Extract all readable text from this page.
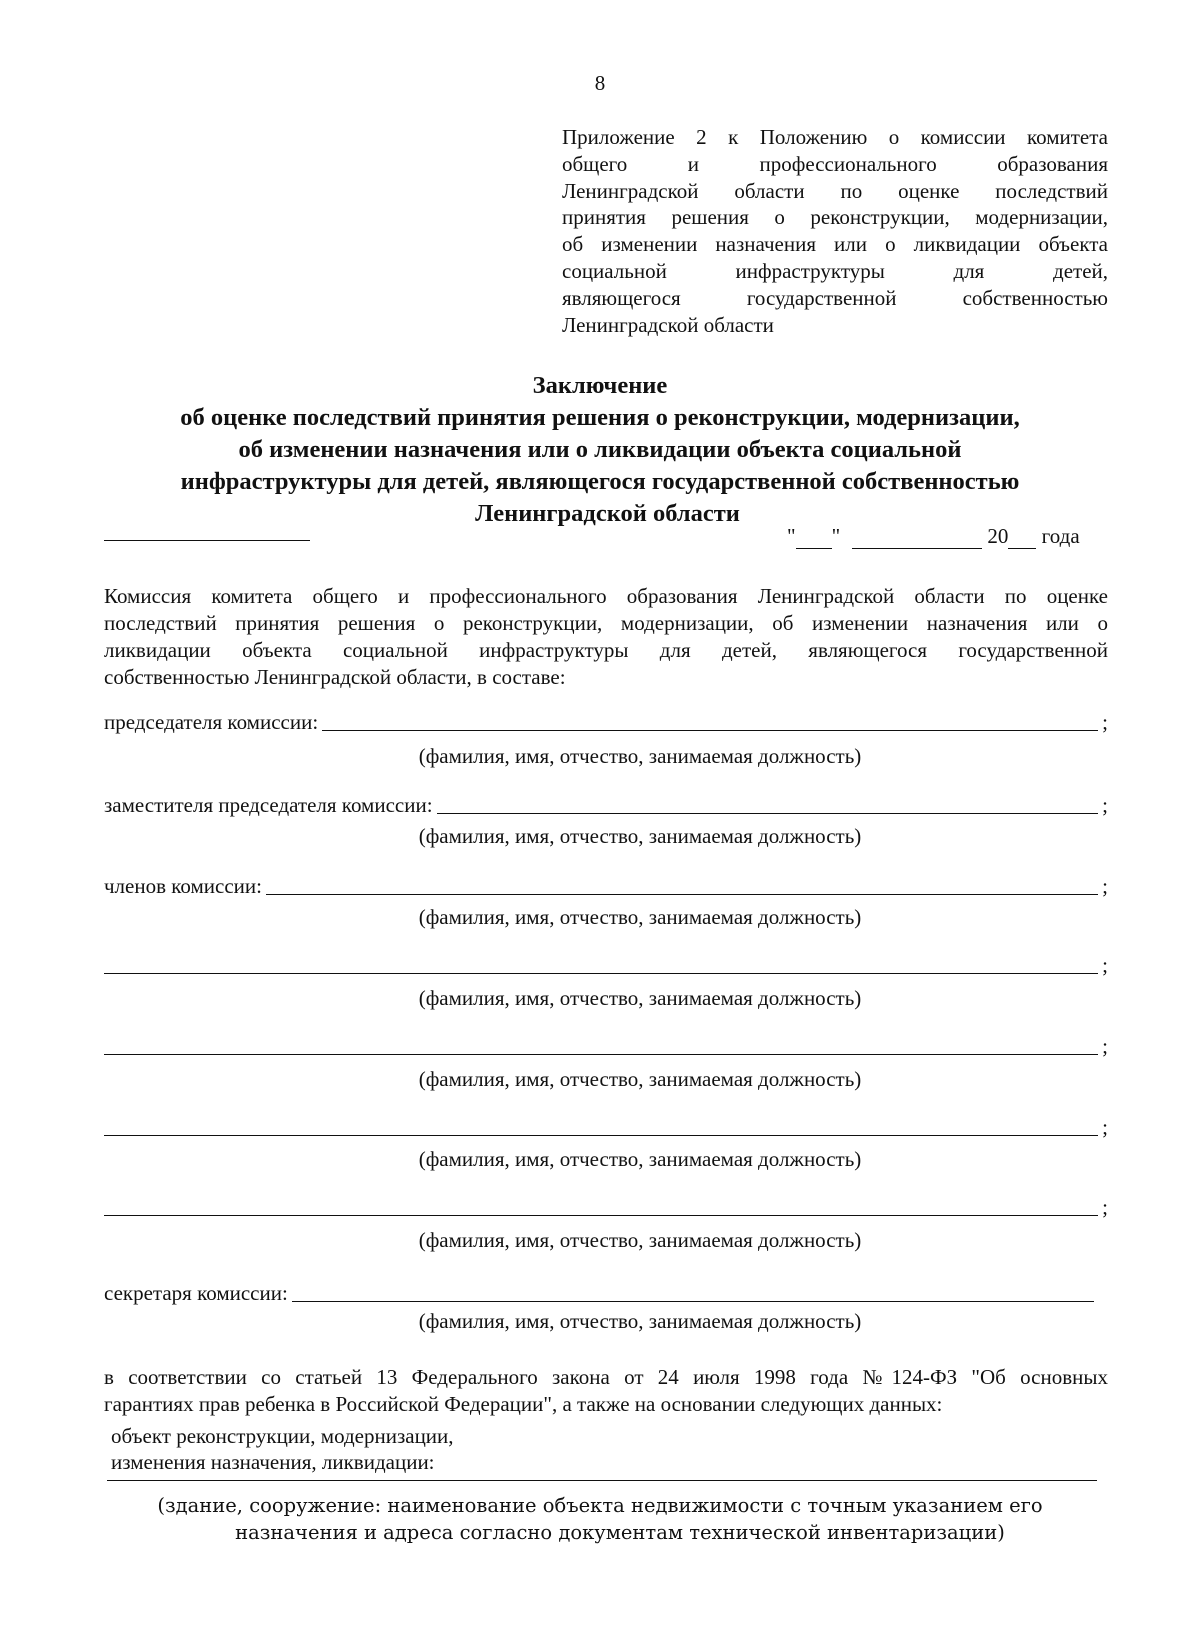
8
Приложение 2 к Положению о комиссии комитета
общего и профессионального образования
Ленинградской области по оценке последствий
принятия решения о реконструкции, модернизации,
об изменении назначения или о ликвидации объекта
социальной инфраструктуры для детей,
являющегося государственной собственностью
Ленинградской области
Заключение
об оценке последствий принятия решения о реконструкции, модернизации,
об изменении назначения или о ликвидации объекта социальной
инфраструктуры для детей, являющегося государственной собственностью
Ленинградской области
" "	20 года
Комиссия комитета общего и профессионального образования Ленинградской области по оценке
последствий принятия решения о реконструкции, модернизации, об изменении назначения или о
ликвидации объекта социальной инфраструктуры для детей, являющегося государственной
собственностью Ленинградской области, в составе:
председателя комиссии:	;
(фамилия, имя, отчество, занимаемая должность)
заместителя председателя комиссии:	;
(фамилия, имя, отчество, занимаемая должность)
членов комиссии:	;
(фамилия, имя, отчество, занимаемая должность)
;
(фамилия, имя, отчество, занимаемая должность)
;
(фамилия, имя, отчество, занимаемая должность)
;
(фамилия, имя, отчество, занимаемая должность)
;
(фамилия, имя, отчество, занимаемая должность)
секретаря комиссии:
(фамилия, имя, отчество, занимаемая должность)
в соответствии со статьей 13 Федерального закона от 24 июля 1998 года №124-ФЗ "Об основных
гарантиях прав ребенка в Российской Федерации", а также на основании следующих данных:
объект реконструкции, модернизации,
изменения назначения, ликвидации:
(здание, сооружение: наименование объекта недвижимости с точным указанием его
назначения и адреса согласно документам технической инвентаризации)
